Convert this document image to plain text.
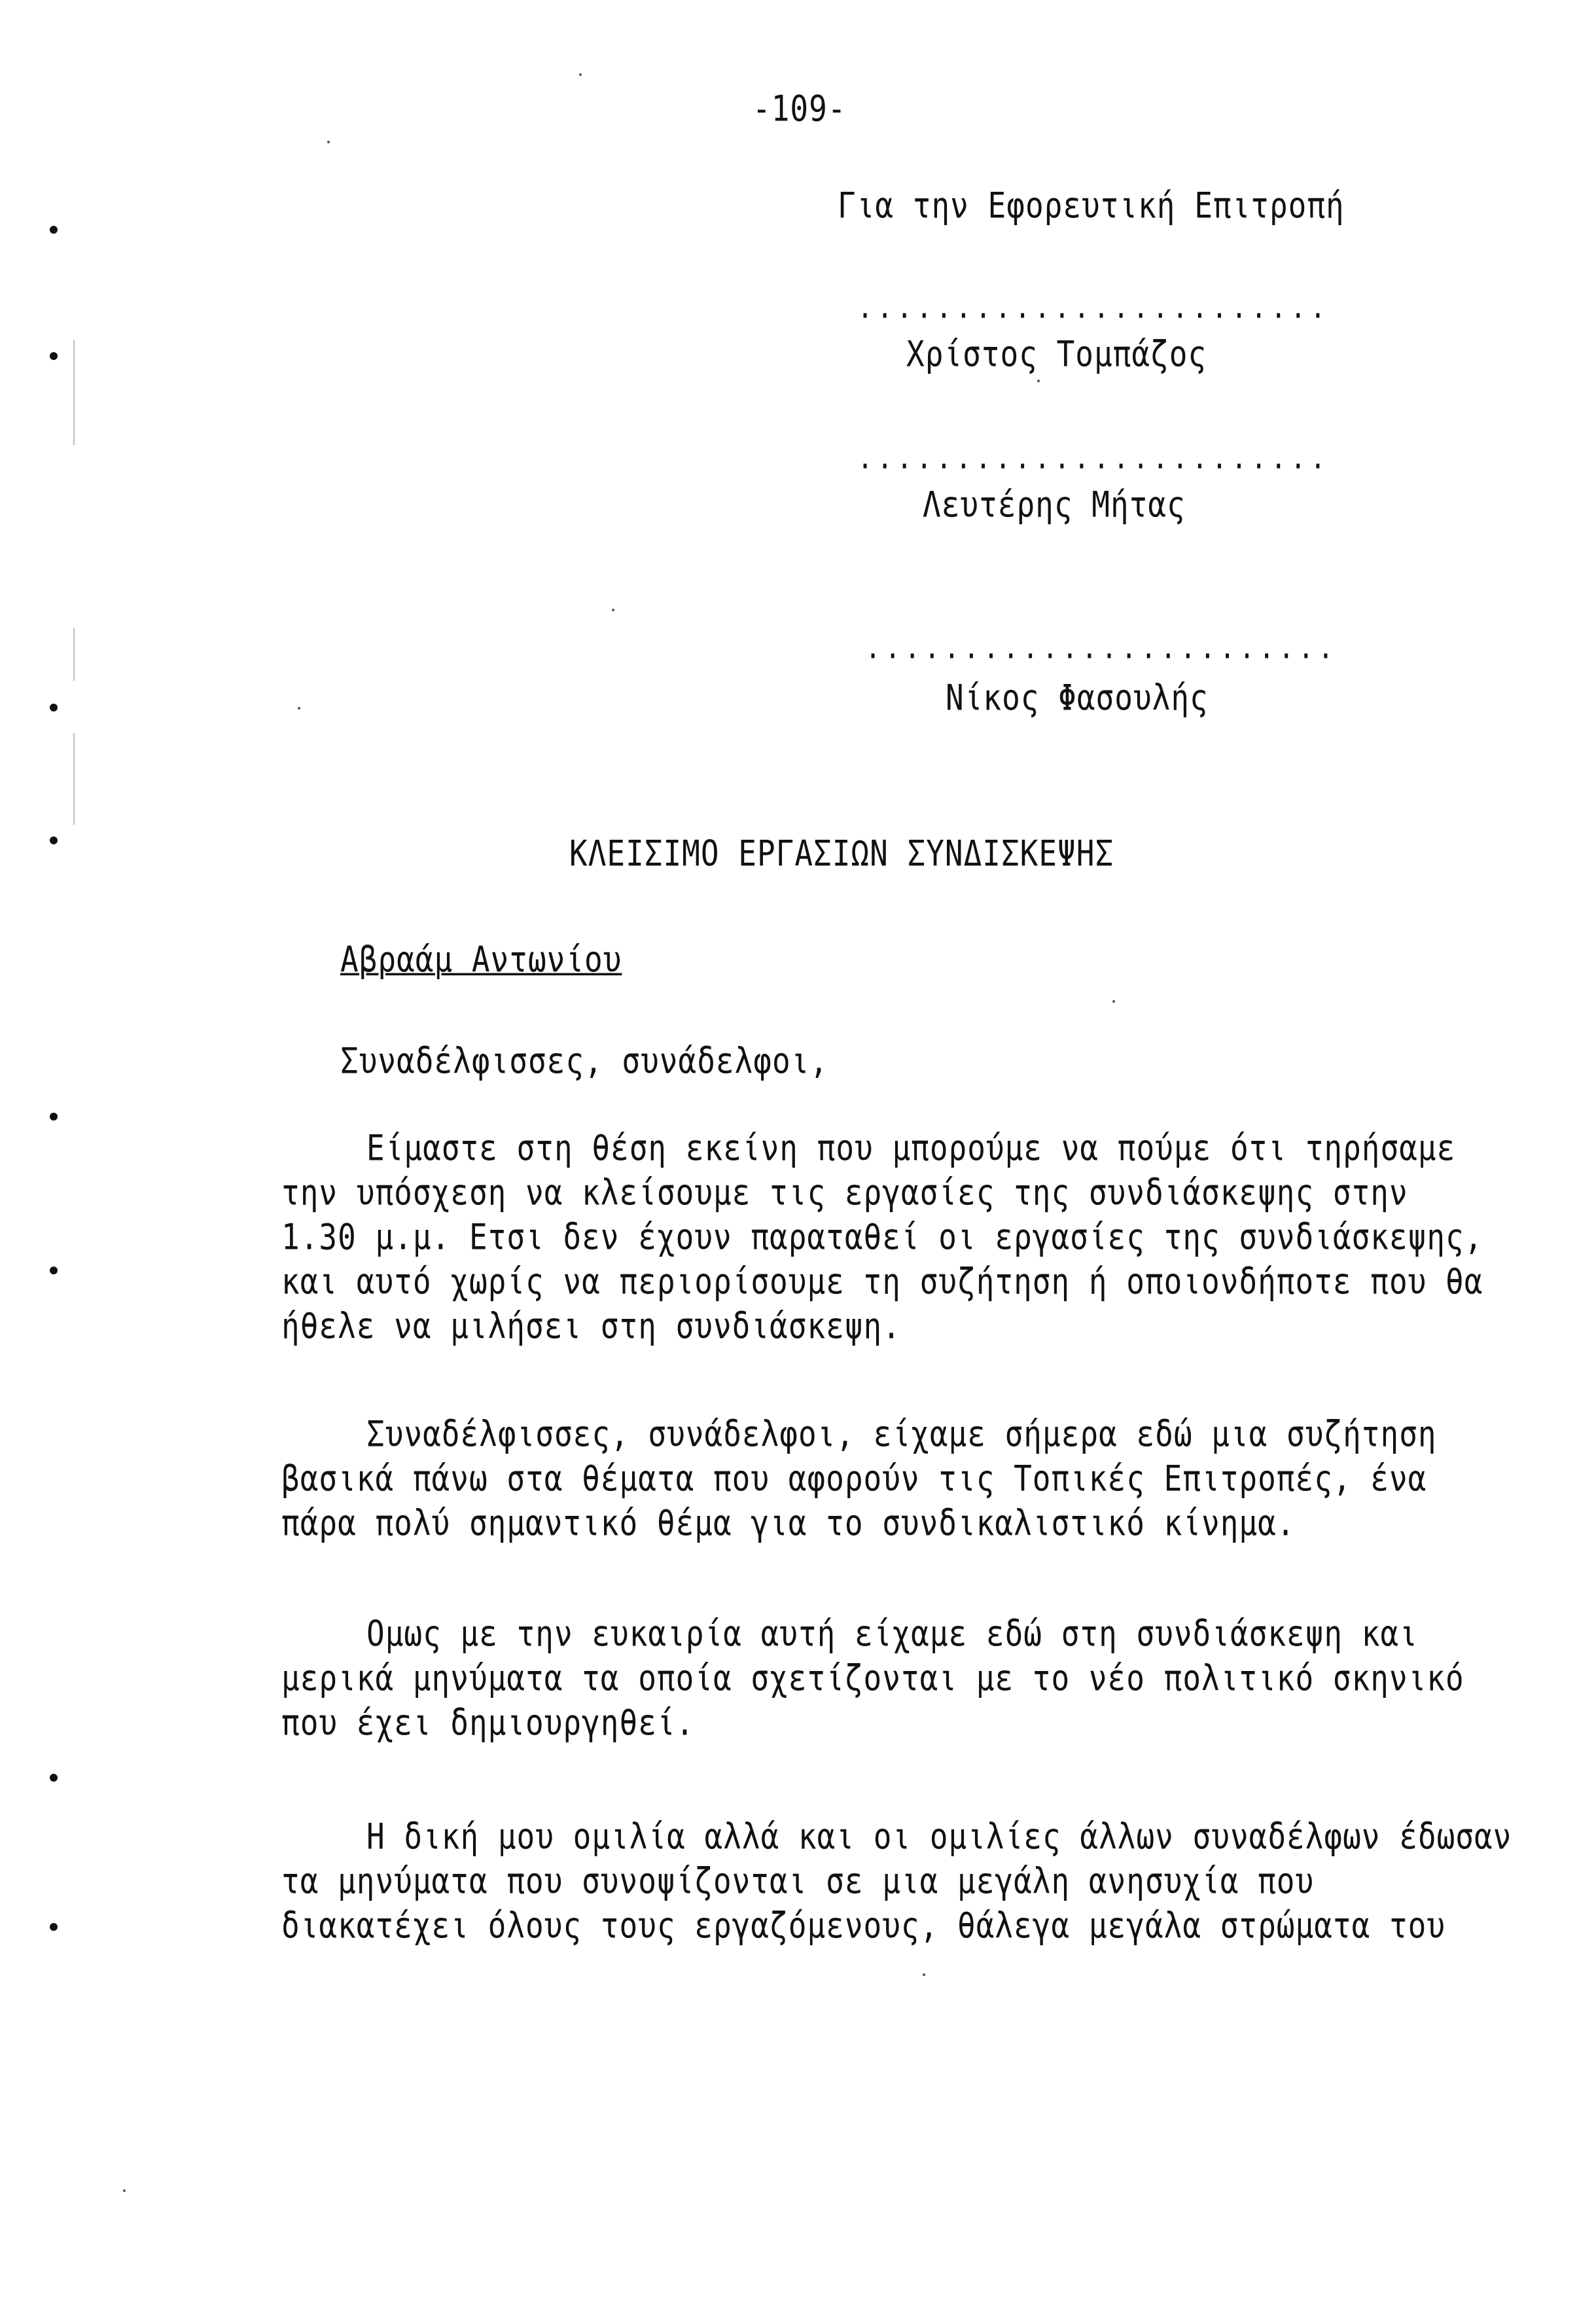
-109-
Για την Εφορευτική Επιτροπή
........................
Χρίστος Τομπάζος
........................
Λευτέρης Μήτας
........................
Νίκος Φασουλής
ΚΛΕΙΣΙΜΟ ΕΡΓΑΣΙΩΝ ΣΥΝΔΙΣΚΕΨΗΣ
Αβραάμ Αντωνίου
Συναδέλφισσες, συνάδελφοι,
Είμαστε στη θέση εκείνη που μπορούμε να πούμε ότι τηρήσαμε
την υπόσχεση να κλείσουμε τις εργασίες της συνδιάσκεψης στην
1.30 μ.μ. Ετσι δεν έχουν παραταθεί οι εργασίες της συνδιάσκεψης,
και αυτό χωρίς να περιορίσουμε τη συζήτηση ή οποιονδήποτε που θα
ήθελε να μιλήσει στη συνδιάσκεψη.
Συναδέλφισσες, συνάδελφοι, είχαμε σήμερα εδώ μια συζήτηση
βασικά πάνω στα θέματα που αφορούν τις Τοπικές Επιτροπές, ένα
πάρα πολύ σημαντικό θέμα για το συνδικαλιστικό κίνημα.
Ομως με την ευκαιρία αυτή είχαμε εδώ στη συνδιάσκεψη και
μερικά μηνύματα τα οποία σχετίζονται με το νέο πολιτικό σκηνικό
που έχει δημιουργηθεί.
Η δική μου ομιλία αλλά και οι ομιλίες άλλων συναδέλφων έδωσαν
τα μηνύματα που συνοψίζονται σε μια μεγάλη ανησυχία που
διακατέχει όλους τους εργαζόμενους, θάλεγα μεγάλα στρώματα του
